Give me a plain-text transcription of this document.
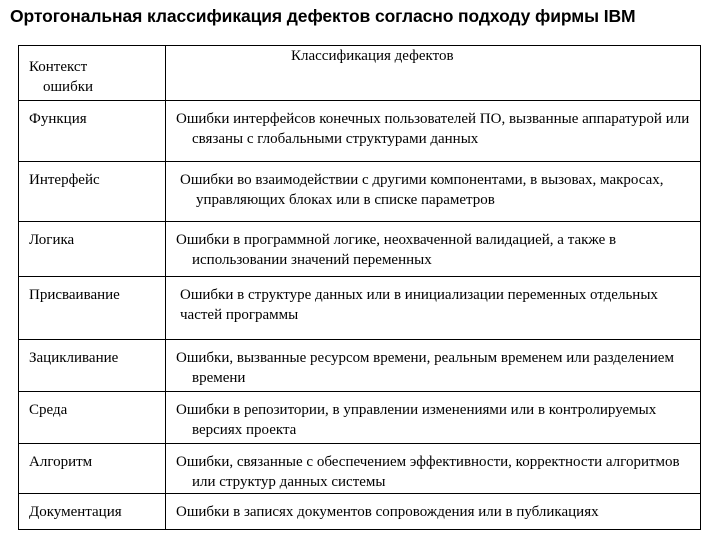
Ортогональная классификация дефектов согласно подходу фирмы IBM
Контекст
ошибки	Классификация дефектов

Функция	Ошибки интерфейсов конечных пользователей ПО, вызванные аппаратурой или связаны с глобальными структурами данных

Интерфейс	Ошибки во взаимодействии с другими компонентами, в вызовах, макросах, управляющих блоках или в списке параметров

Логика	Ошибки в программной логике, неохваченной валидацией, а также в использовании значений переменных

Присваивание	Ошибки в структуре данных или в инициализации переменных отдельных частей программы

Зацикливание	Ошибки, вызванные ресурсом времени, реальным временем или разделением времени

Среда	Ошибки в репозитории, в управлении изменениями или в контролируемых версиях проекта

Алгоритм	Ошибки, связанные с обеспечением эффективности, корректности алгоритмов или структур данных системы

Документация	Ошибки в записях документов сопровождения или в публикациях
